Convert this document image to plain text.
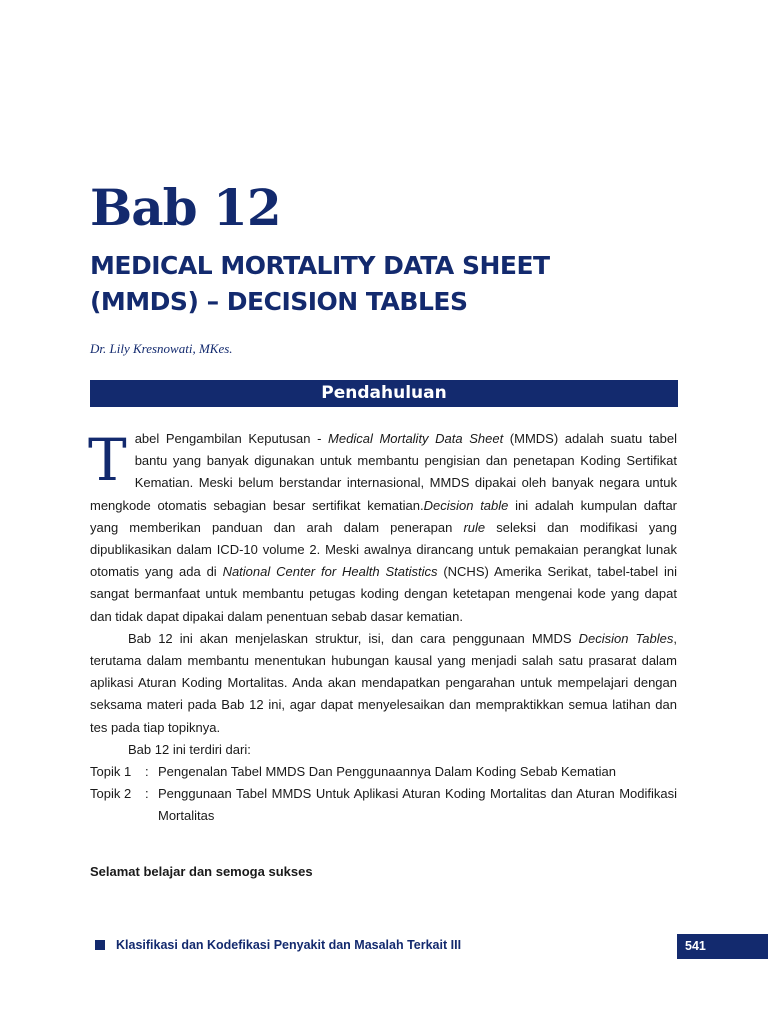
Bab 12
MEDICAL MORTALITY DATA SHEET
(MMDS) – DECISION TABLES
Dr. Lily Kresnowati, MKes.
Pendahuluan

Tabel Pengambilan Keputusan - Medical Mortality Data Sheet (MMDS) adalah suatu tabel bantu yang banyak digunakan untuk membantu pengisian dan penetapan Koding Sertifikat Kematian. Meski belum berstandar internasional, MMDS dipakai oleh banyak negara untuk mengkode otomatis sebagian besar sertifikat kematian.Decision table ini adalah kumpulan daftar yang memberikan panduan dan arah dalam penerapan rule seleksi dan modifikasi yang dipublikasikan dalam ICD-10 volume 2. Meski awalnya dirancang untuk pemakaian perangkat lunak otomatis yang ada di National Center for Health Statistics (NCHS) Amerika Serikat, tabel-tabel ini sangat bermanfaat untuk membantu petugas koding dengan ketetapan mengenai kode yang dapat dan tidak dapat dipakai dalam penentuan sebab dasar kematian.

Bab 12 ini akan menjelaskan struktur, isi, dan cara penggunaan MMDS Decision Tables, terutama dalam membantu menentukan hubungan kausal yang menjadi salah satu prasarat dalam aplikasi Aturan Koding Mortalitas. Anda akan mendapatkan pengarahan untuk mempelajari dengan seksama materi pada Bab 12 ini, agar dapat menyelesaikan dan mempraktikkan semua latihan dan tes pada tiap topiknya.

Bab 12 ini terdiri dari:

Topik 1	: Pengenalan Tabel MMDS Dan Penggunaannya Dalam Koding Sebab Kematian
Topik 2	: Penggunaan Tabel MMDS Untuk Aplikasi Aturan Koding Mortalitas dan Aturan Modifikasi Mortalitas
Selamat belajar dan semoga sukses
Klasifikasi dan Kodefikasi Penyakit dan Masalah Terkait III	541
